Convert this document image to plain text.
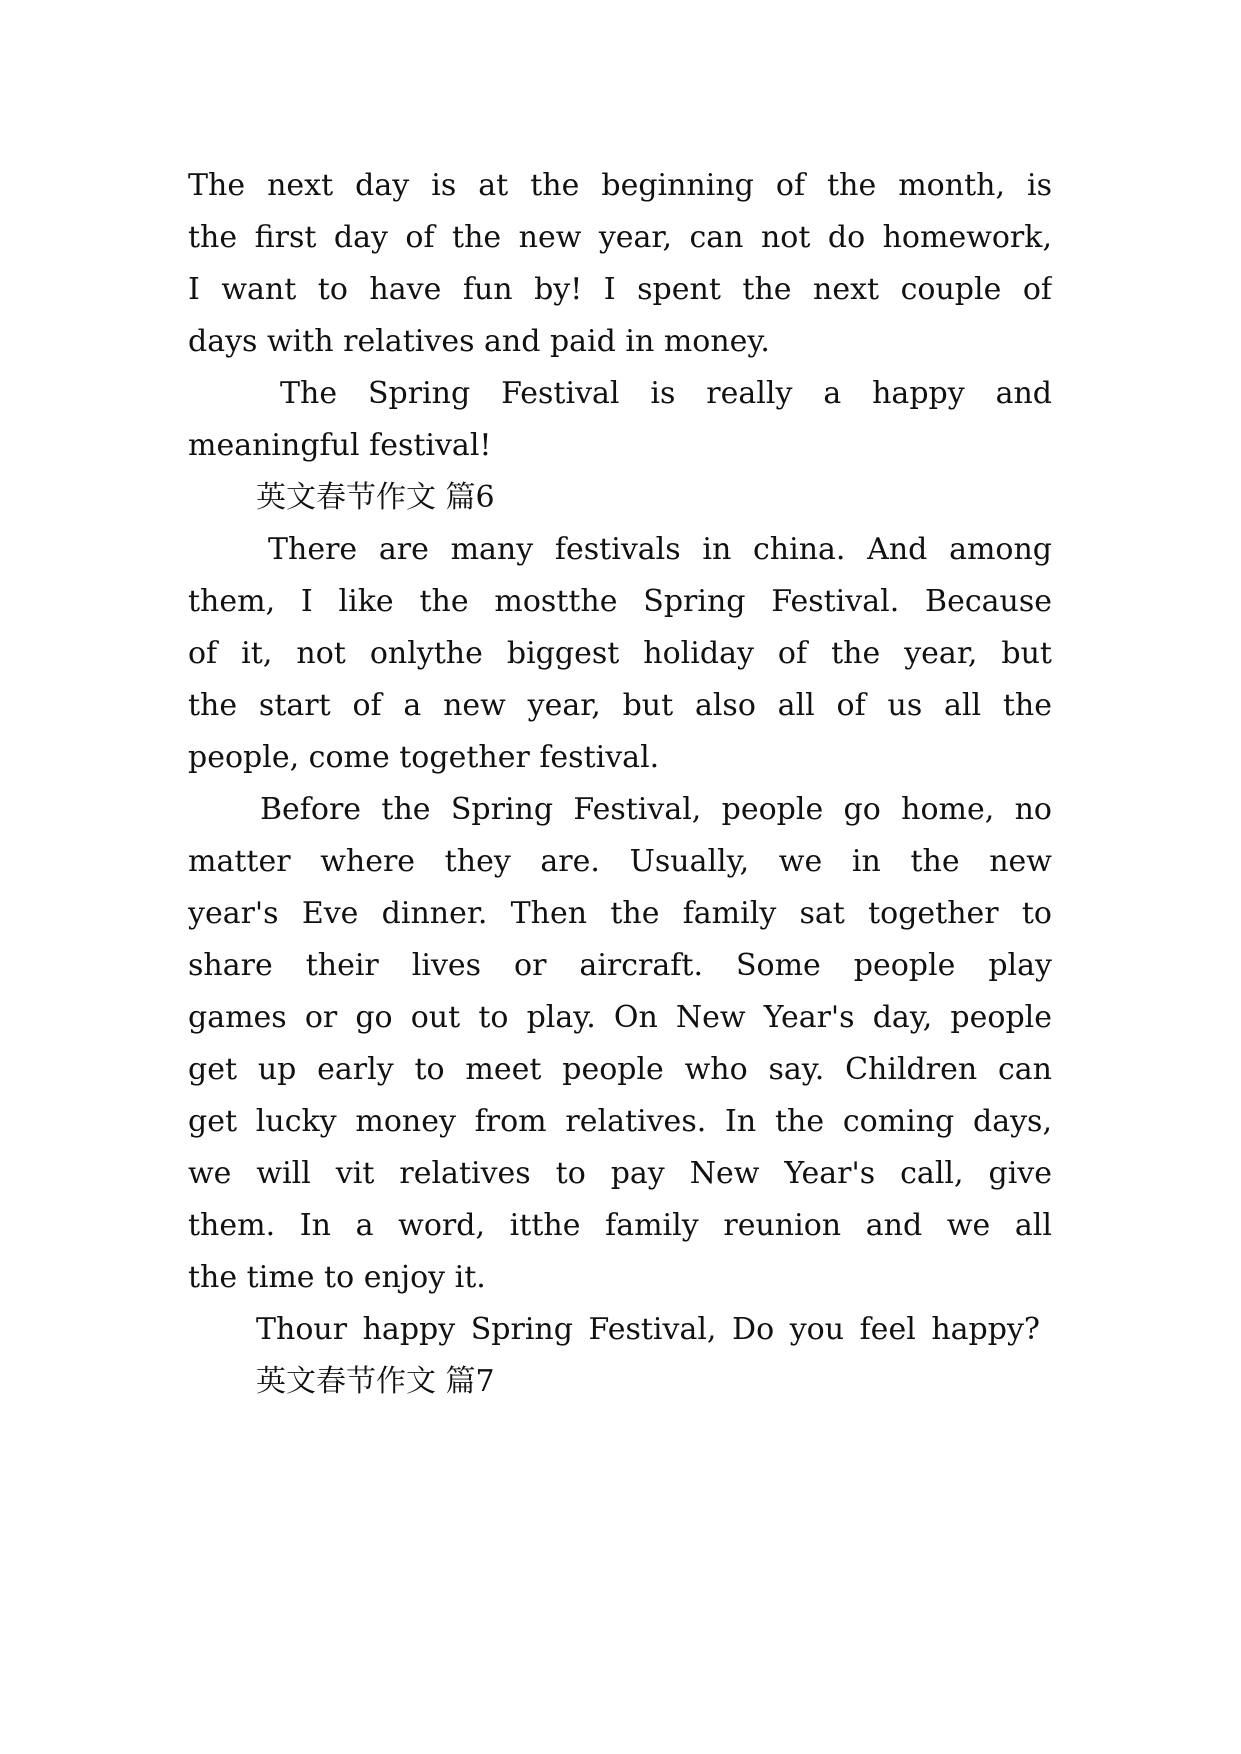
The next day is at the beginning of the month, is
the first day of the new year, can not do homework,
I want to have fun by! I spent the next couple of
days with relatives and paid in money.
The Spring Festival is really a happy and
meaningful festival!
英文春节作文 篇6
There are many festivals in china. And among
them, I like the mostthe Spring Festival. Because
of it, not onlythe biggest holiday of the year, but
the start of a new year, but also all of us all the
people, come together festival.
Before the Spring Festival, people go home, no
matter where they are. Usually, we in the new
year's Eve dinner. Then the family sat together to
share their lives or aircraft. Some people play
games or go out to play. On New Year's day, people
get up early to meet people who say. Children can
get lucky money from relatives. In the coming days,
we will vit relatives to pay New Year's call, give
them. In a word, itthe family reunion and we all
the time to enjoy it.
Thour happy Spring Festival, Do you feel happy?
英文春节作文 篇7
